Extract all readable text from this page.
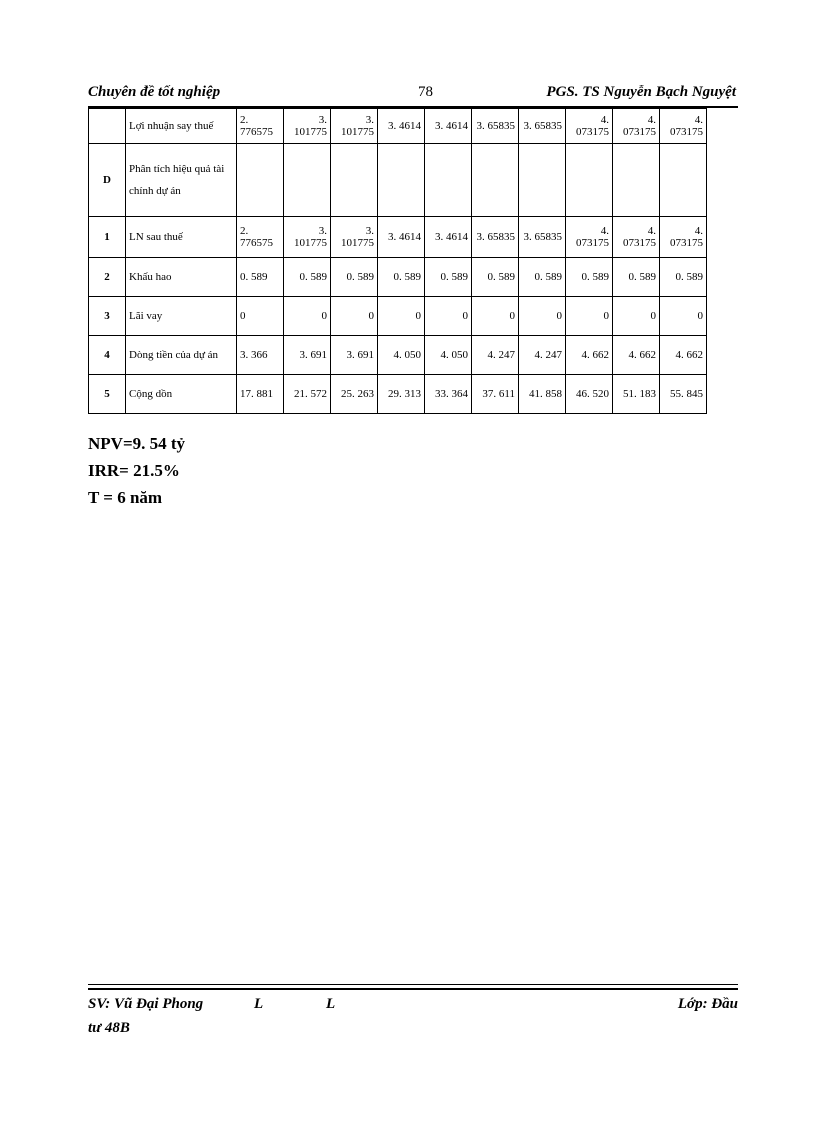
Chuyên đề tốt nghiệp	78	PGS. TS Nguyễn Bạch Nguyệt
	Lợi nhuận say thuế	2. 776575	3. 101775	3. 101775	3. 4614	3. 4614	3. 65835	3. 65835	4. 073175	4. 073175	4. 073175
D	Phân tích hiệu quả tài chính dự án										
1	LN sau thuế	2. 776575	3. 101775	3. 101775	3. 4614	3. 4614	3. 65835	3. 65835	4. 073175	4. 073175	4. 073175
2	Khấu hao	0. 589	0. 589	0. 589	0. 589	0. 589	0. 589	0. 589	0. 589	0. 589	0. 589
3	Lãi vay	0	0	0	0	0	0	0	0	0	0
4	Dòng tiền của dự án	3. 366	3. 691	3. 691	4. 050	4. 050	4. 247	4. 247	4. 662	4. 662	4. 662
5	Cộng dồn	17. 881	21. 572	25. 263	29. 313	33. 364	37. 611	41. 858	46. 520	51. 183	55. 845
NPV=9. 54 tỷ
IRR= 21.5%
T = 6 năm
SV: Vũ Đại Phong	L	L	Lớp: Đầu
tư 48B
